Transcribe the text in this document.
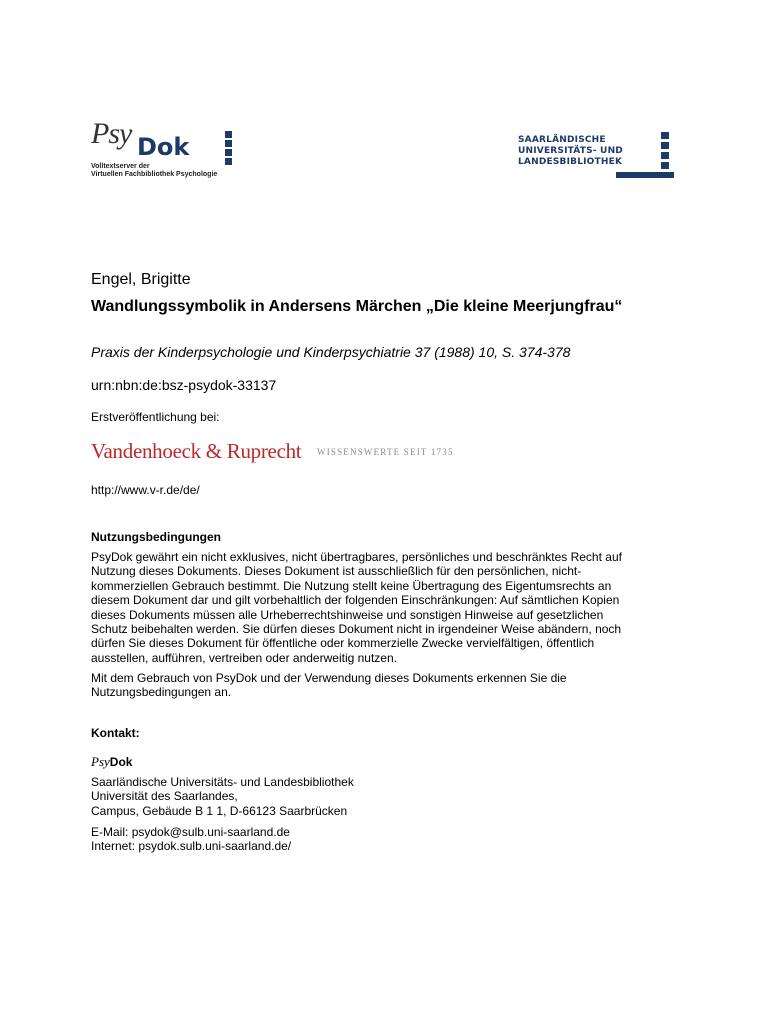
Psy Dok
Volltextserver der
Virtuellen Fachbibliothek Psychologie
SAARLÄNDISCHE
UNIVERSITÄTS- UND
LANDESBIBLIOTHEK
Engel, Brigitte
Wandlungssymbolik in Andersens Märchen „Die kleine Meerjungfrau“
Praxis der Kinderpsychologie und Kinderpsychiatrie 37 (1988) 10, S. 374-378
urn:nbn:de:bsz-psydok-33137
Erstveröffentlichung bei:
Vandenhoeck & Ruprecht WISSENSWERTE SEIT 1735
http://www.v-r.de/de/
Nutzungsbedingungen
PsyDok gewährt ein nicht exklusives, nicht übertragbares, persönliches und beschränktes Recht auf
Nutzung dieses Dokuments. Dieses Dokument ist ausschließlich für den persönlichen, nicht-
kommerziellen Gebrauch bestimmt. Die Nutzung stellt keine Übertragung des Eigentumsrechts an
diesem Dokument dar und gilt vorbehaltlich der folgenden Einschränkungen: Auf sämtlichen Kopien
dieses Dokuments müssen alle Urheberrechtshinweise und sonstigen Hinweise auf gesetzlichen
Schutz beibehalten werden. Sie dürfen dieses Dokument nicht in irgendeiner Weise abändern, noch
dürfen Sie dieses Dokument für öffentliche oder kommerzielle Zwecke vervielfältigen, öffentlich
ausstellen, aufführen, vertreiben oder anderweitig nutzen.
Mit dem Gebrauch von PsyDok und der Verwendung dieses Dokuments erkennen Sie die
Nutzungsbedingungen an.
Kontakt:
PsyDok
Saarländische Universitäts- und Landesbibliothek
Universität des Saarlandes,
Campus, Gebäude B 1 1, D-66123 Saarbrücken
E-Mail: psydok@sulb.uni-saarland.de
Internet: psydok.sulb.uni-saarland.de/
